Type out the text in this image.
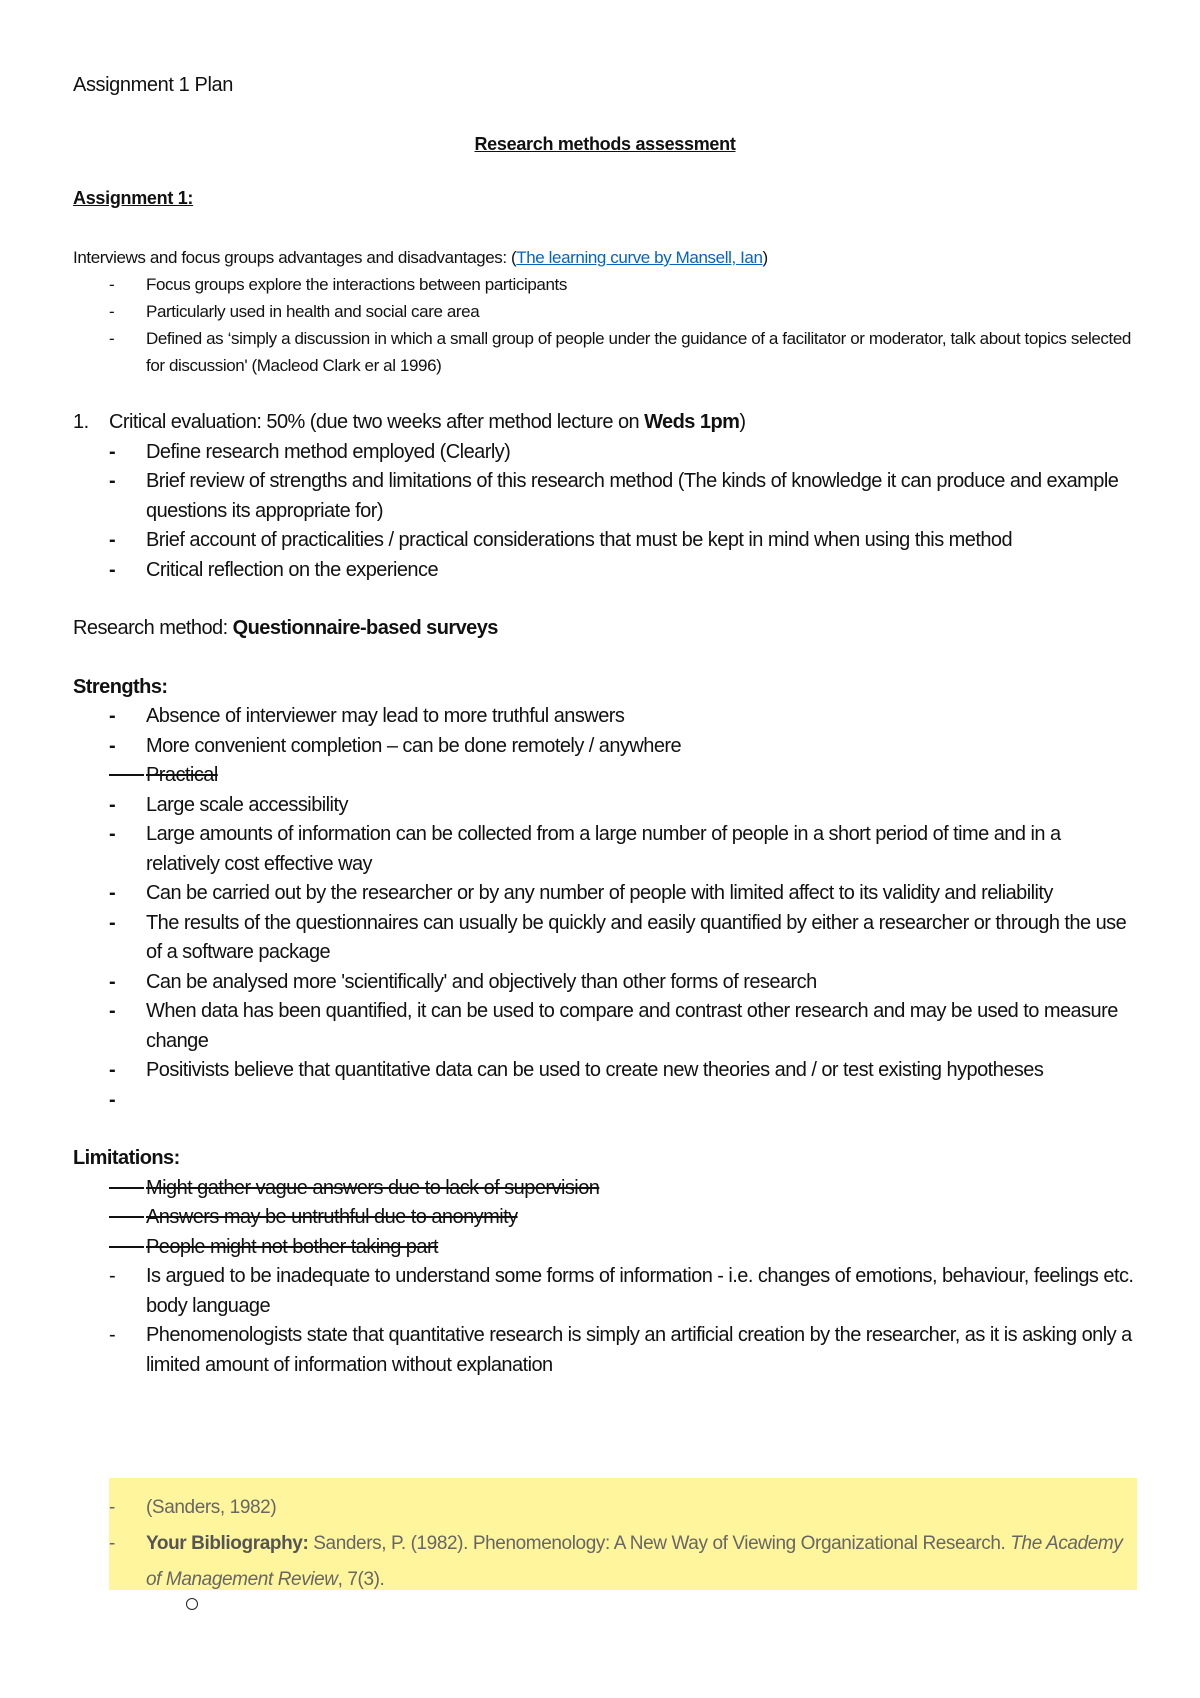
Assignment 1 Plan
Research methods assessment
Assignment 1:
Interviews and focus groups advantages and disadvantages: (The learning curve by Mansell, Ian)
- Focus groups explore the interactions between participants
- Particularly used in health and social care area
- Defined as ‘simply a discussion in which a small group of people under the guidance of a facilitator or moderator, talk about topics selected for discussion' (Macleod Clark er al 1996)
1. Critical evaluation: 50% (due two weeks after method lecture on Weds 1pm)
- Define research method employed (Clearly)
- Brief review of strengths and limitations of this research method (The kinds of knowledge it can produce and example questions its appropriate for)
- Brief account of practicalities / practical considerations that must be kept in mind when using this method
- Critical reflection on the experience
Research method: Questionnaire-based surveys
Strengths:
- Absence of interviewer may lead to more truthful answers
- More convenient completion – can be done remotely / anywhere

Practical
- Large scale accessibility
- Large amounts of information can be collected from a large number of people in a short period of time and in a relatively cost effective way
- Can be carried out by the researcher or by any number of people with limited affect to its validity and reliability
- The results of the questionnaires can usually be quickly and easily quantified by either a researcher or through the use of a software package
- Can be analysed more 'scientifically' and objectively than other forms of research
- When data has been quantified, it can be used to compare and contrast other research and may be used to measure change
- Positivists believe that quantitative data can be used to create new theories and / or test existing hypotheses
-

Limitations:

Might gather vague answers due to lack of supervision

Answers may be untruthful due to anonymity

People might not bother taking part
- Is argued to be inadequate to understand some forms of information - i.e. changes of emotions, behaviour, feelings etc. body language
- Phenomenologists state that quantitative research is simply an artificial creation by the researcher, as it is asking only a limited amount of information without explanation
- (Sanders, 1982)
- Your Bibliography: Sanders, P. (1982). Phenomenology: A New Way of Viewing Organizational Research. The Academy of Management Review, 7(3).
